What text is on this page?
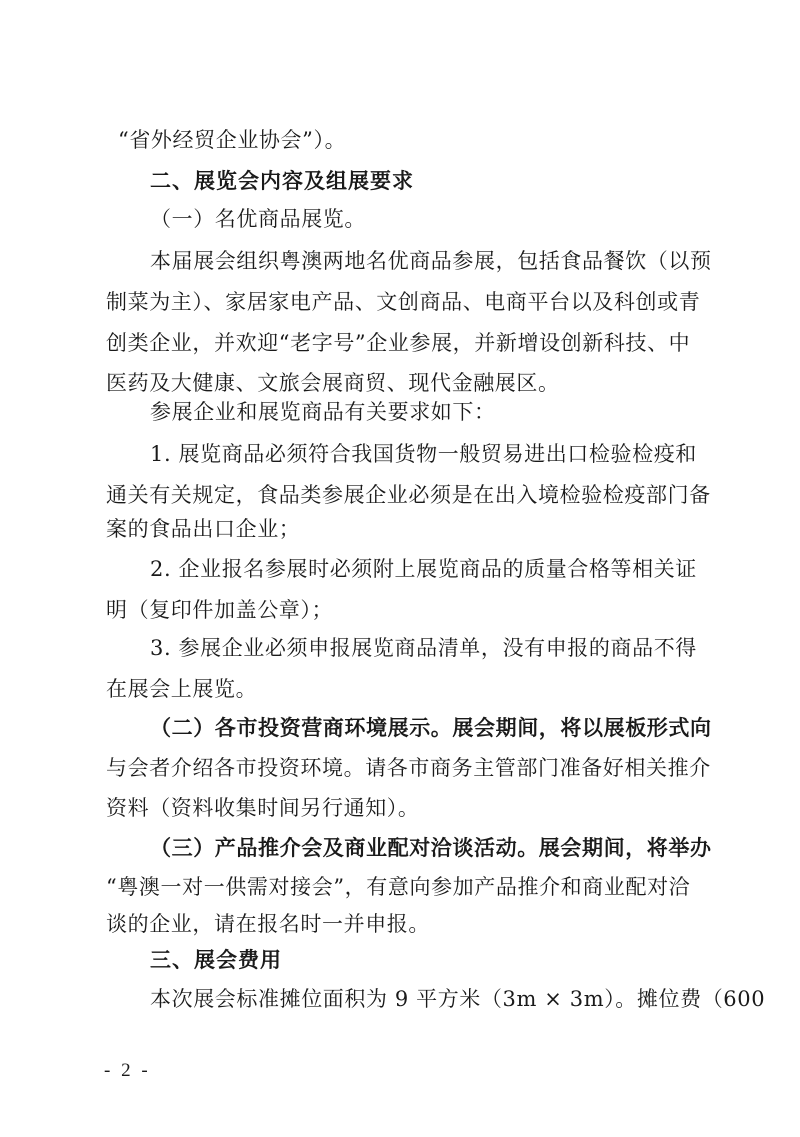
“省外经贸企业协会”）。
二、展览会内容及组展要求
（一）名优商品展览。
本届展会组织粤澳两地名优商品参展，包括食品餐饮（以预
制菜为主）、家居家电产品、文创商品、电商平台以及科创或青
创类企业，并欢迎“老字号”企业参展，并新增设创新科技、中
医药及大健康、文旅会展商贸、现代金融展区。
参展企业和展览商品有关要求如下：
1. 展览商品必须符合我国货物一般贸易进出口检验检疫和
通关有关规定，食品类参展企业必须是在出入境检验检疫部门备
案的食品出口企业；
2. 企业报名参展时必须附上展览商品的质量合格等相关证
明（复印件加盖公章）；
3. 参展企业必须申报展览商品清单，没有申报的商品不得
在展会上展览。
（二）各市投资营商环境展示。展会期间，将以展板形式向
与会者介绍各市投资环境。请各市商务主管部门准备好相关推介
资料（资料收集时间另行通知）。
（三）产品推介会及商业配对洽谈活动。展会期间，将举办
“粤澳一对一供需对接会”，有意向参加产品推介和商业配对洽
谈的企业，请在报名时一并申报。
三、展会费用
本次展会标准摊位面积为 9 平方米（3m × 3m）。摊位费（600
- 2 -
